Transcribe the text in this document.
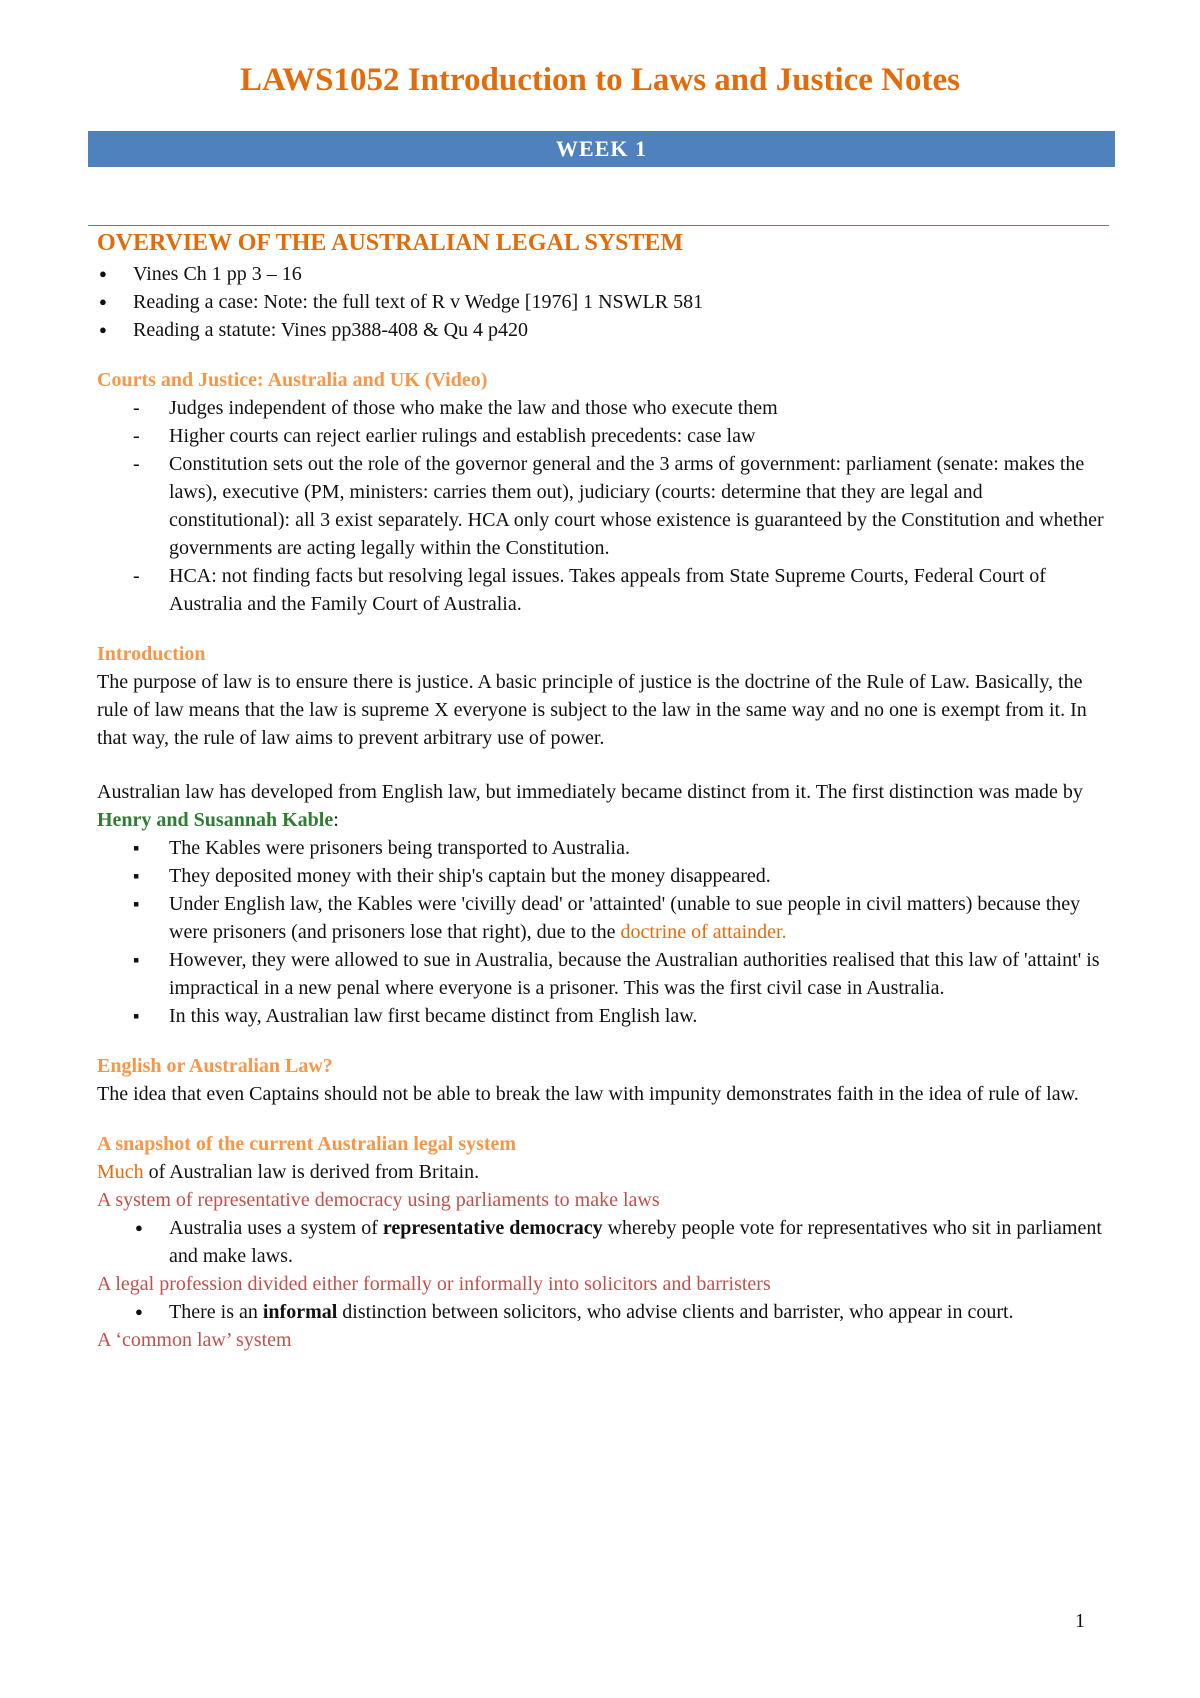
LAWS1052 Introduction to Laws and Justice Notes
WEEK 1
OVERVIEW OF THE AUSTRALIAN LEGAL SYSTEM
● Vines Ch 1 pp 3 – 16
● Reading a case: Note: the full text of R v Wedge [1976] 1 NSWLR 581
● Reading a statute: Vines pp388-408 & Qu 4 p420
Courts and Justice: Australia and UK (Video)
- Judges independent of those who make the law and those who execute them
- Higher courts can reject earlier rulings and establish precedents: case law
- Constitution sets out the role of the governor general and the 3 arms of government: parliament (senate: makes the laws), executive (PM, ministers: carries them out), judiciary (courts: determine that they are legal and constitutional): all 3 exist separately. HCA only court whose existence is guaranteed by the Constitution and whether governments are acting legally within the Constitution.
- HCA: not finding facts but resolving legal issues. Takes appeals from State Supreme Courts, Federal Court of Australia and the Family Court of Australia.
Introduction

The purpose of law is to ensure there is justice. A basic principle of justice is the doctrine of the Rule of Law. Basically, the rule of law means that the law is supreme X everyone is subject to the law in the same way and no one is exempt from it. In that way, the rule of law aims to prevent arbitrary use of power.

Australian law has developed from English law, but immediately became distinct from it. The first distinction was made by Henry and Susannah Kable:

▪ The Kables were prisoners being transported to Australia.
▪ They deposited money with their ship's captain but the money disappeared.
▪ Under English law, the Kables were 'civilly dead' or 'attainted' (unable to sue people in civil matters) because they were prisoners (and prisoners lose that right), due to the doctrine of attainder.
▪ However, they were allowed to sue in Australia, because the Australian authorities realised that this law of 'attaint' is impractical in a new penal where everyone is a prisoner. This was the first civil case in Australia.
▪ In this way, Australian law first became distinct from English law.
English or Australian Law?

The idea that even Captains should not be able to break the law with impunity demonstrates faith in the idea of rule of law.

A snapshot of the current Australian legal system

Much of Australian law is derived from Britain.

A system of representative democracy using parliaments to make laws

● Australia uses a system of representative democracy whereby people vote for representatives who sit in parliament and make laws.

A legal profession divided either formally or informally into solicitors and barristers

● There is an informal distinction between solicitors, who advise clients and barrister, who appear in court.

A ‘common law’ system

1
